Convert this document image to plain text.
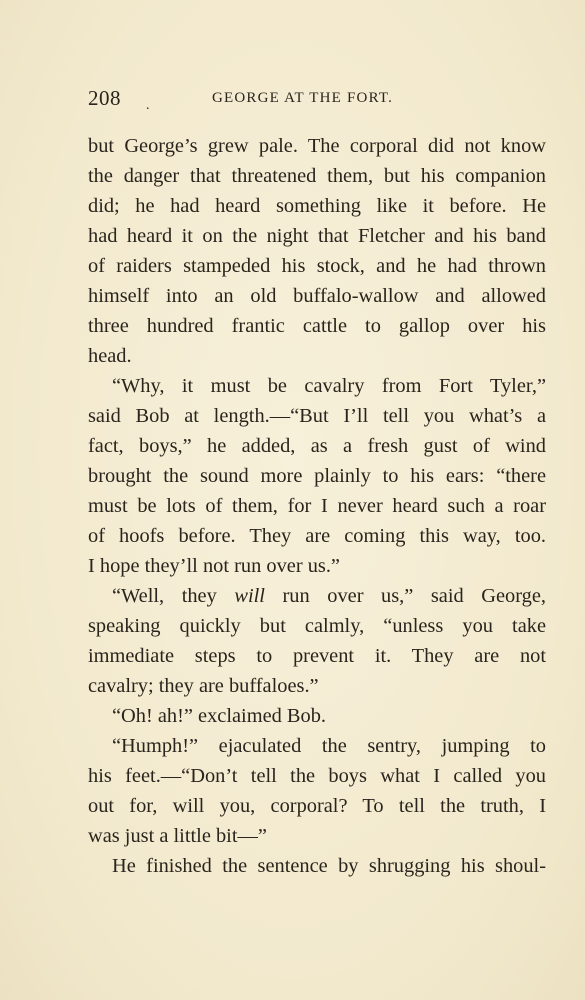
208 .	GEORGE AT THE FORT.
but George’s grew pale. The corporal did not know
the danger that threatened them, but his companion
did; he had heard something like it before. He
had heard it on the night that Fletcher and his band
of raiders stampeded his stock, and he had thrown
himself into an old buffalo-wallow and allowed
three hundred frantic cattle to gallop over his
head.
“Why, it must be cavalry from Fort Tyler,”
said Bob at length.—“But I’ll tell you what’s a
fact, boys,” he added, as a fresh gust of wind
brought the sound more plainly to his ears: “there
must be lots of them, for I never heard such a roar
of hoofs before. They are coming this way, too.
I hope they’ll not run over us.”
“Well, they will run over us,” said George,
speaking quickly but calmly, “unless you take
immediate steps to prevent it. They are not
cavalry; they are buffaloes.”
“Oh! ah!” exclaimed Bob.
“Humph!” ejaculated the sentry, jumping to
his feet.—“Don’t tell the boys what I called you
out for, will you, corporal? To tell the truth, I
was just a little bit—”
He finished the sentence by shrugging his shoul-
